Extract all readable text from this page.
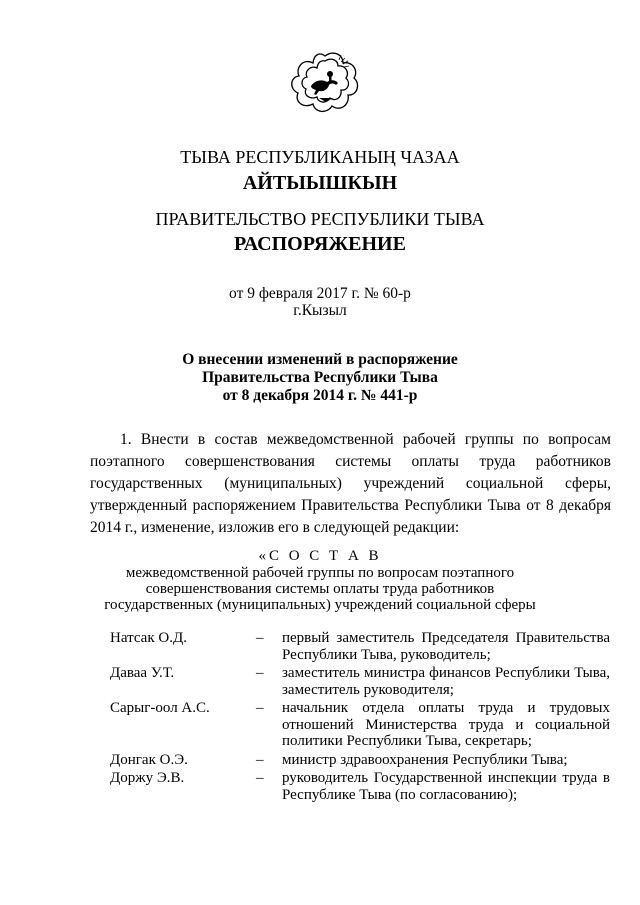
ТЫВА РЕСПУБЛИКАНЫҢ ЧАЗАА
АЙТЫЫШКЫН
ПРАВИТЕЛЬСТВО РЕСПУБЛИКИ ТЫВА
РАСПОРЯЖЕНИЕ
от 9 февраля 2017 г. № 60-р
г.Кызыл
О внесении изменений в распоряжение
Правительства Республики Тыва
от 8 декабря 2014 г. № 441-р
1. Внести в состав межведомственной рабочей группы по вопросам поэтапного совершенствования системы оплаты труда работников государственных (муниципальных) учреждений социальной сферы, утвержденный распоряжением Правительства Республики Тыва от 8 декабря 2014 г., изменение, изложив его в следующей редакции:
«С О С Т А В
межведомственной рабочей группы по вопросам поэтапного
совершенствования системы оплаты труда работников
государственных (муниципальных) учреждений социальной сферы
Натсак О.Д.	–	первый заместитель Председателя Правительства Республики Тыва, руководитель;
Даваа У.Т.	–	заместитель министра финансов Республики Тыва, заместитель руководителя;
Сарыг-оол А.С.	–	начальник отдела оплаты труда и трудовых отношений Министерства труда и социальной политики Республики Тыва, секретарь;
Донгак О.Э.	–	министр здравоохранения Республики Тыва;
Доржу Э.В.	–	руководитель Государственной инспекции труда в Республике Тыва (по согласованию);
